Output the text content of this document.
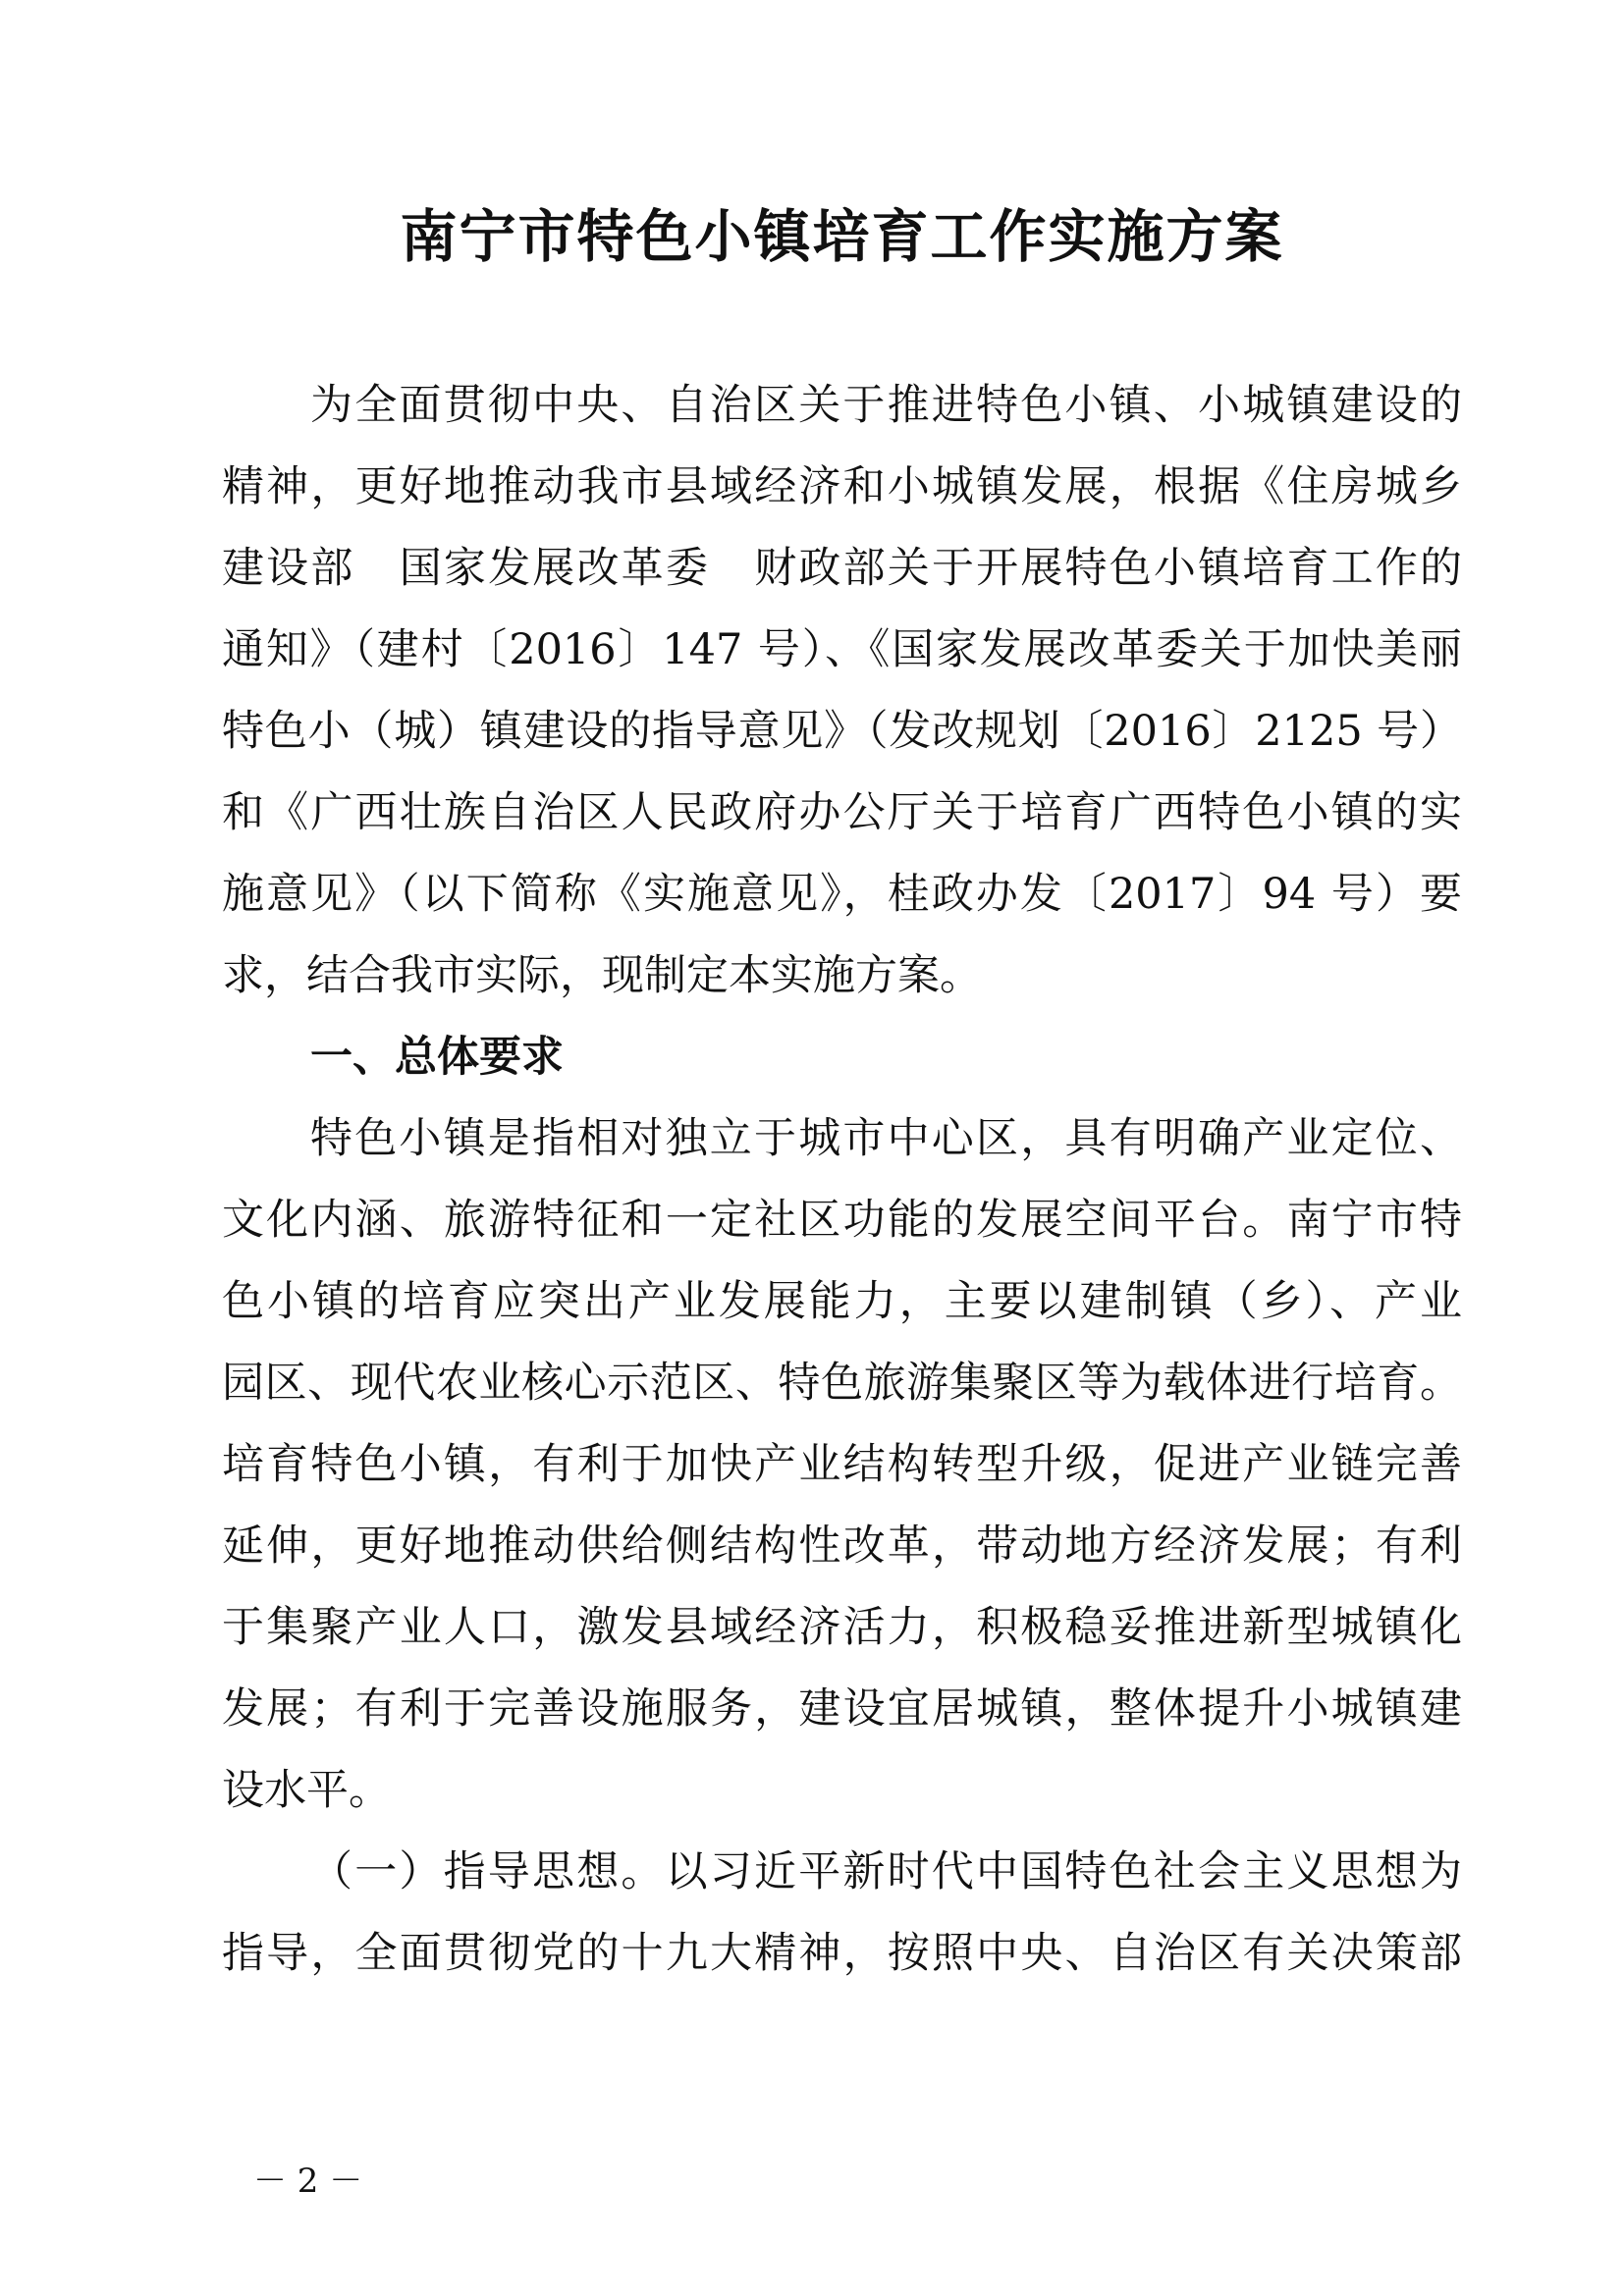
南宁市特色小镇培育工作实施方案
为全面贯彻中央、自治区关于推进特色小镇、小城镇建设的
精神，更好地推动我市县域经济和小城镇发展，根据《住房城乡
建设部　国家发展改革委　财政部关于开展特色小镇培育工作的
通知》（建村〔2016〕147 号）、《国家发展改革委关于加快美丽
特色小（城）镇建设的指导意见》（发改规划〔2016〕2125 号）
和《广西壮族自治区人民政府办公厅关于培育广西特色小镇的实
施意见》（以下简称《实施意见》，桂政办发〔2017〕94 号）要
求，结合我市实际，现制定本实施方案。
一、总体要求
特色小镇是指相对独立于城市中心区，具有明确产业定位、
文化内涵、旅游特征和一定社区功能的发展空间平台。南宁市特
色小镇的培育应突出产业发展能力，主要以建制镇（乡）、产业
园区、现代农业核心示范区、特色旅游集聚区等为载体进行培育。
培育特色小镇，有利于加快产业结构转型升级，促进产业链完善
延伸，更好地推动供给侧结构性改革，带动地方经济发展；有利
于集聚产业人口，激发县域经济活力，积极稳妥推进新型城镇化
发展；有利于完善设施服务，建设宜居城镇，整体提升小城镇建
设水平。
（一）指导思想。以习近平新时代中国特色社会主义思想为
指导，全面贯彻党的十九大精神，按照中央、自治区有关决策部
－ 2 －
